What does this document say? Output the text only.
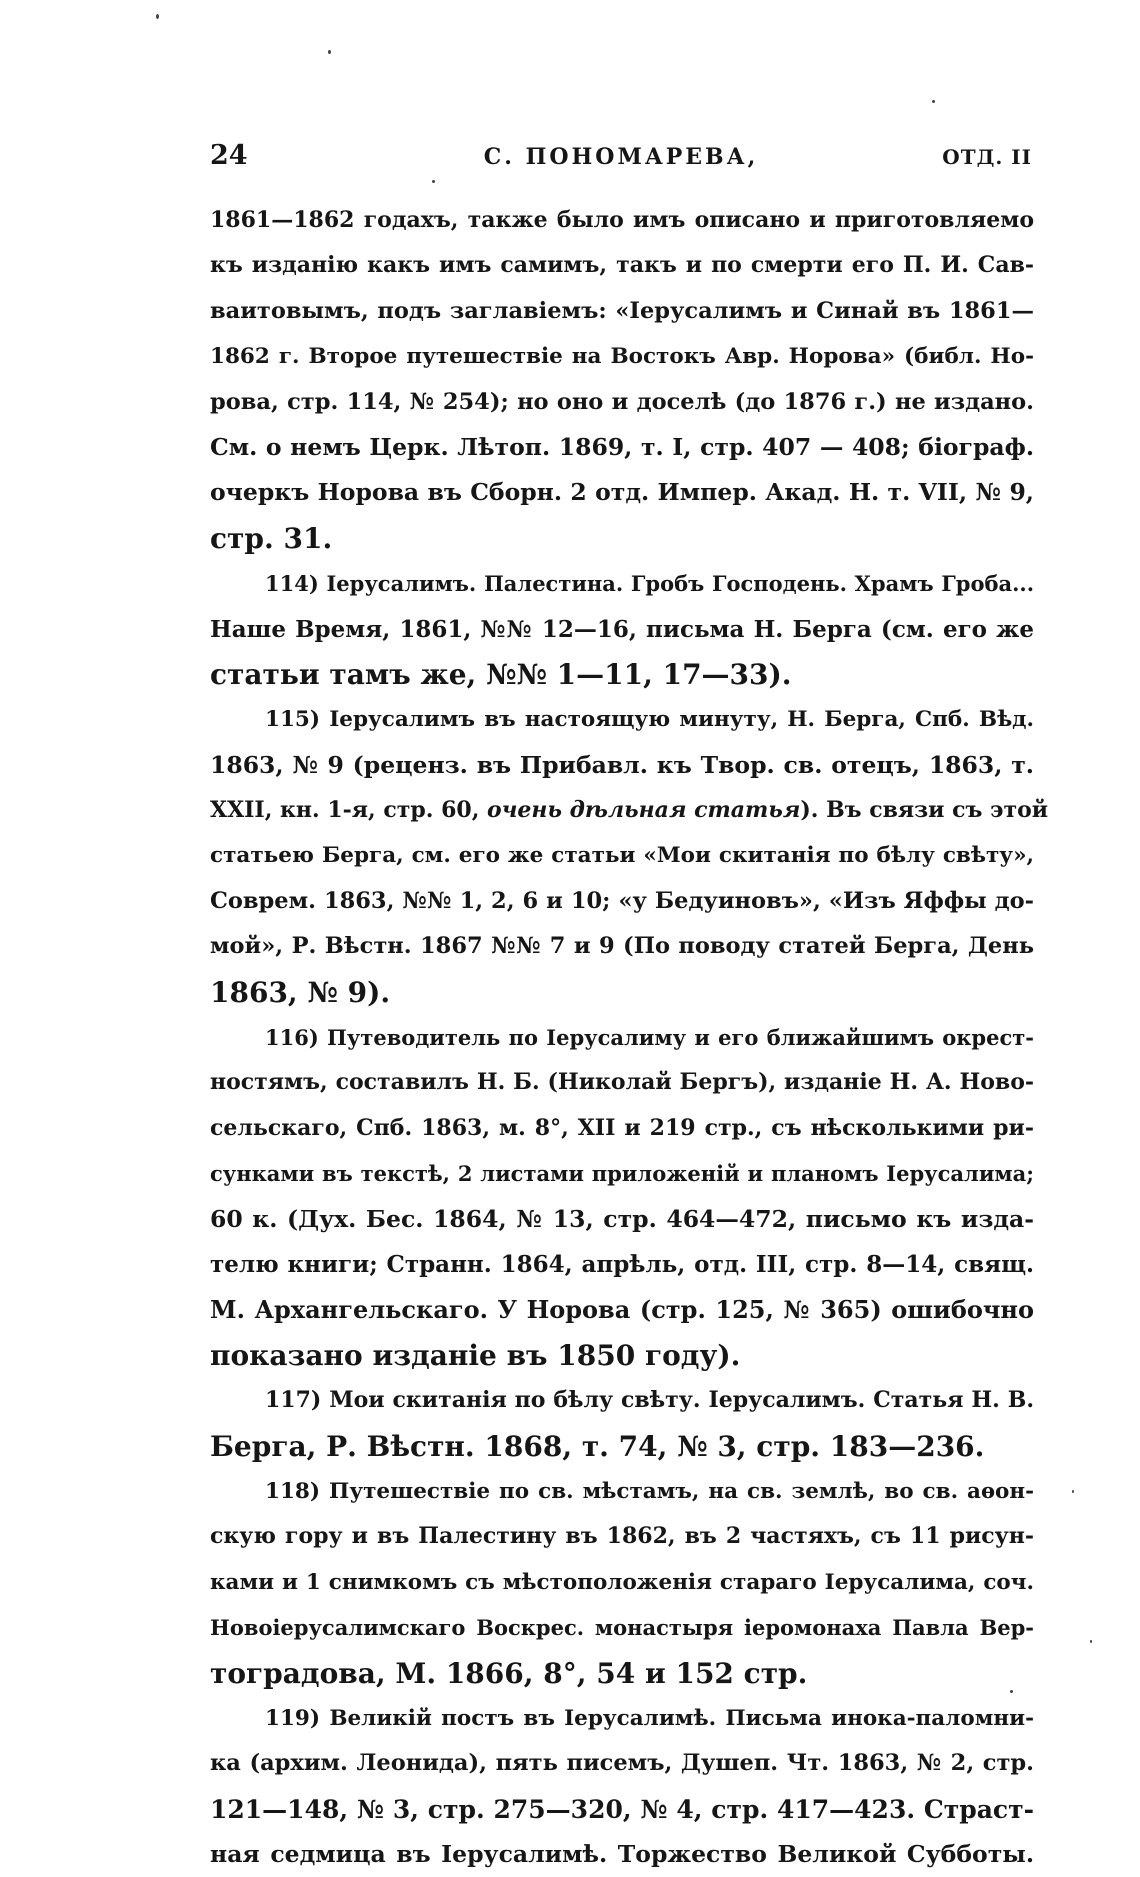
24	С. ПОНОМАРЕВА,	ОТД. II
1861—1862 годахъ, также было имъ описано и приготовляемо
къ изданію какъ имъ самимъ, такъ и по смерти его П. И. Сав-
ваитовымъ, подъ заглавіемъ: «Іерусалимъ и Синай въ 1861—
1862 г. Второе путешествіе на Востокъ Авр. Норова» (библ. Но-
рова, стр. 114, № 254); но оно и доселѣ (до 1876 г.) не издано.
См. о немъ Церк. Лѣтоп. 1869, т. I, стр. 407 — 408; біограф.
очеркъ Норова въ Сборн. 2 отд. Импер. Акад. Н. т. VII, № 9,
стр. 31.
114) Іерусалимъ. Палестина. Гробъ Господень. Храмъ Гроба...
Наше Время, 1861, №№ 12—16, письма Н. Берга (см. его же
статьи тамъ же, №№ 1—11, 17—33).
115) Іерусалимъ въ настоящую минуту, Н. Берга, Спб. Вѣд.
1863, № 9 (реценз. въ Прибавл. къ Твор. св. отецъ, 1863, т.
XXII, кн. 1-я, стр. 60, очень дѣльная статья). Въ связи съ этой
статьею Берга, см. его же статьи «Мои скитанія по бѣлу свѣту»,
Соврем. 1863, №№ 1, 2, 6 и 10; «у Бедуиновъ», «Изъ Яффы до-
мой», Р. Вѣстн. 1867 №№ 7 и 9 (По поводу статей Берга, День
1863, № 9).
116) Путеводитель по Іерусалиму и его ближайшимъ окрест-
ностямъ, составилъ Н. Б. (Николай Бергъ), изданіе Н. А. Ново-
сельскаго, Спб. 1863, м. 8°, XII и 219 стр., съ нѣсколькими ри-
сунками въ текстѣ, 2 листами приложеній и планомъ Іерусалима;
60 к. (Дух. Бес. 1864, № 13, стр. 464—472, письмо къ изда-
телю книги; Странн. 1864, апрѣль, отд. III, стр. 8—14, свящ.
М. Архангельскаго. У Норова (стр. 125, № 365) ошибочно
показано изданіе въ 1850 году).
117) Мои скитанія по бѣлу свѣту. Іерусалимъ. Статья Н. В.
Берга, Р. Вѣстн. 1868, т. 74, № 3, стр. 183—236.
118) Путешествіе по св. мѣстамъ, на св. землѣ, во св. аѳон-
скую гору и въ Палестину въ 1862, въ 2 частяхъ, съ 11 рисун-
ками и 1 снимкомъ съ мѣстоположенія стараго Іерусалима, соч.
Новоіерусалимскаго Воскрес. монастыря іеромонаха Павла Вер-
тоградова, М. 1866, 8°, 54 и 152 стр.
119) Великій постъ въ Іерусалимѣ. Письма инока-паломни-
ка (архим. Леонида), пять писемъ, Душеп. Чт. 1863, № 2, стр.
121—148, № 3, стр. 275—320, № 4, стр. 417—423. Страст-
ная седмица въ Іерусалимѣ. Торжество Великой Субботы.
